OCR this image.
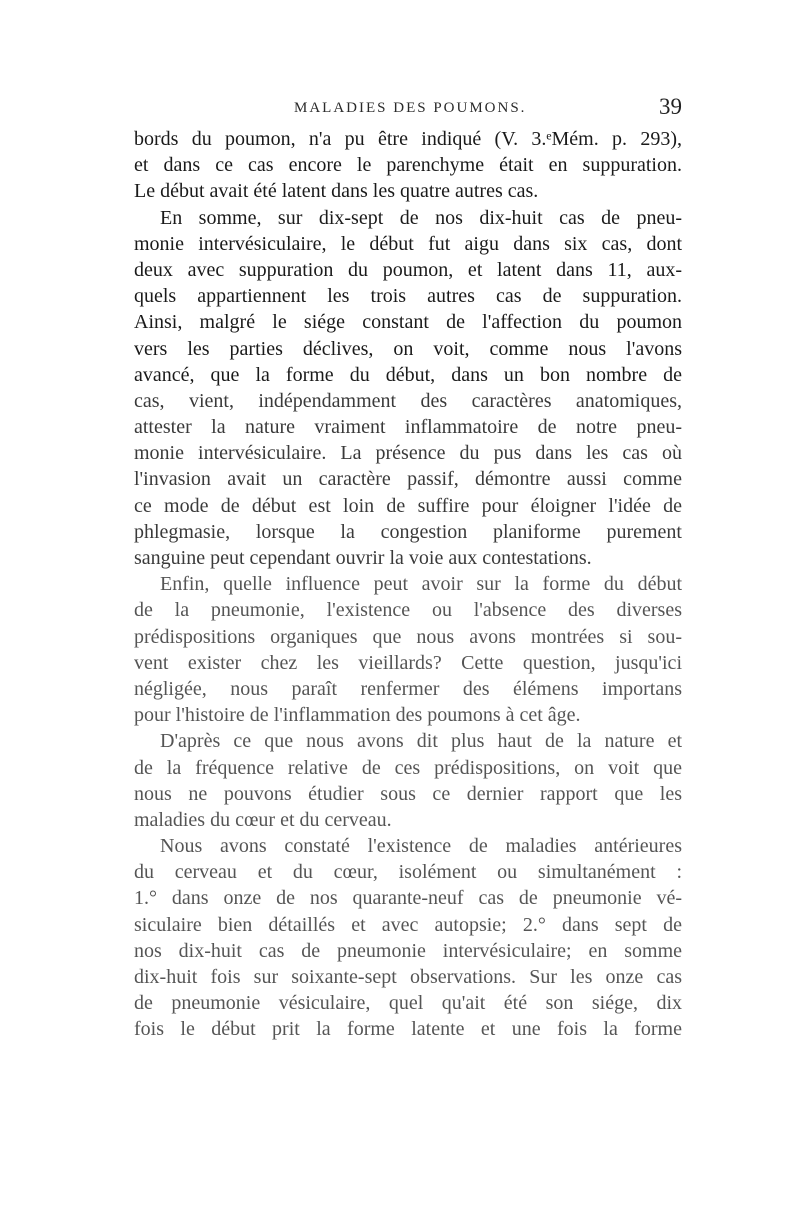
MALADIES DES POUMONS.	39
bords du poumon, n'a pu être indiqué (V. 3.ᵉMém. p. 293),
et dans ce cas encore le parenchyme était en suppuration.
Le début avait été latent dans les quatre autres cas.
En somme, sur dix-sept de nos dix-huit cas de pneu-
monie intervésiculaire, le début fut aigu dans six cas, dont
deux avec suppuration du poumon, et latent dans 11, aux-
quels appartiennent les trois autres cas de suppuration.
Ainsi, malgré le siége constant de l'affection du poumon
vers les parties déclives, on voit, comme nous l'avons
avancé, que la forme du début, dans un bon nombre de
cas, vient, indépendamment des caractères anatomiques,
attester la nature vraiment inflammatoire de notre pneu-
monie intervésiculaire. La présence du pus dans les cas où
l'invasion avait un caractère passif, démontre aussi comme
ce mode de début est loin de suffire pour éloigner l'idée de
phlegmasie, lorsque la congestion planiforme purement
sanguine peut cependant ouvrir la voie aux contestations.
Enfin, quelle influence peut avoir sur la forme du début
de la pneumonie, l'existence ou l'absence des diverses
prédispositions organiques que nous avons montrées si sou-
vent exister chez les vieillards? Cette question, jusqu'ici
négligée, nous paraît renfermer des élémens importans
pour l'histoire de l'inflammation des poumons à cet âge.
D'après ce que nous avons dit plus haut de la nature et
de la fréquence relative de ces prédispositions, on voit que
nous ne pouvons étudier sous ce dernier rapport que les
maladies du cœur et du cerveau.
Nous avons constaté l'existence de maladies antérieures
du cerveau et du cœur, isolément ou simultanément :
1.° dans onze de nos quarante-neuf cas de pneumonie vé-
siculaire bien détaillés et avec autopsie; 2.° dans sept de
nos dix-huit cas de pneumonie intervésiculaire; en somme
dix-huit fois sur soixante-sept observations. Sur les onze cas
de pneumonie vésiculaire, quel qu'ait été son siége, dix
fois le début prit la forme latente et une fois la forme
